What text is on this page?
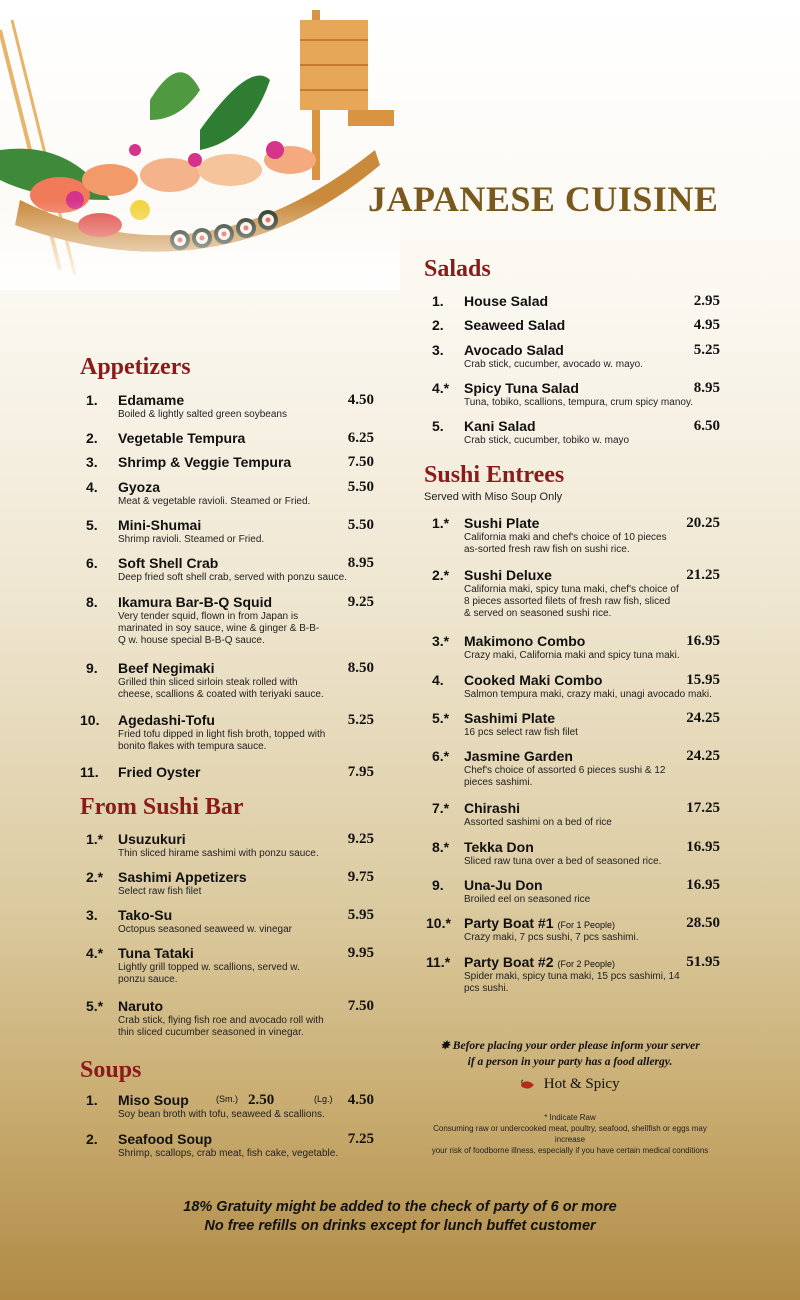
JAPANESE CUISINE
Appetizers
1. Edamame	4.50
Boiled & lightly salted green soybeans
2. Vegetable Tempura	6.25
3. Shrimp & Veggie Tempura	7.50
4. Gyoza	5.50
Meat & vegetable ravioli. Steamed or Fried.
5. Mini-Shumai	5.50
Shrimp ravioli. Steamed or Fried.
6. Soft Shell Crab	8.95
Deep fried soft shell crab, served with ponzu sauce.
8. Ikamura Bar-B-Q Squid	9.25
Very tender squid, flown in from Japan is marinated in soy sauce, wine & ginger & B-B-Q w. house special B-B-Q sauce.
9. Beef Negimaki	8.50
Grilled thin sliced sirloin steak rolled with cheese, scallions & coated with teriyaki sauce.
10. Agedashi-Tofu	5.25
Fried tofu dipped in light fish broth, topped with bonito flakes with tempura sauce.
11. Fried Oyster	7.95
From Sushi Bar
1.* Usuzukuri	9.25
Thin sliced hirame sashimi with ponzu sauce.
2.* Sashimi Appetizers	9.75
Select raw fish filet
3. Tako-Su	5.95
Octopus seasoned seaweed w. vinegar
4.* Tuna Tataki	9.95
Lightly grill topped w. scallions, served w. ponzu sauce.
5.* Naruto	7.50
Crab stick, flying fish roe and avocado roll with thin sliced cucumber seasoned in vinegar.
Soups
1. Miso Soup	(Sm.) 2.50	(Lg.)	4.50
Soy bean broth with tofu, seaweed & scallions.
2. Seafood Soup	7.25
Shrimp, scallops, crab meat, fish cake, vegetable.
Salads
1. House Salad	2.95
2. Seaweed Salad	4.95
3. Avocado Salad	5.25
Crab stick, cucumber, avocado w. mayo.
4.* Spicy Tuna Salad	8.95
Tuna, tobiko, scallions, tempura, crum spicy manoy.
5. Kani Salad	6.50
Crab stick, cucumber, tobiko w. mayo
Sushi Entrees
Served with Miso Soup Only
1.* Sushi Plate	20.25
California maki and chef's choice of 10 pieces as-sorted fresh raw fish on sushi rice.
2.* Sushi Deluxe	21.25
California maki, spicy tuna maki, chef's choice of 8 pieces assorted filets of fresh raw fish, sliced & served on seasoned sushi rice.
3.* Makimono Combo	16.95
Crazy maki, California maki and spicy tuna maki.
4. Cooked Maki Combo	15.95
Salmon tempura maki, crazy maki, unagi avocado maki.
5.* Sashimi Plate	24.25
16 pcs select raw fish filet
6.* Jasmine Garden	24.25
Chef's choice of assorted 6 pieces sushi & 12 pieces sashimi.
7.* Chirashi	17.25
Assorted sashimi on a bed of rice
8.* Tekka Don	16.95
Sliced raw tuna over a bed of seasoned rice.
9. Una-Ju Don	16.95
Broiled eel on seasoned rice
10.* Party Boat #1 (For 1 People)	28.50
Crazy maki, 7 pcs sushi, 7 pcs sashimi.
11.* Party Boat #2 (For 2 People)	51.95
Spider maki, spicy tuna maki, 15 pcs sashimi, 14 pcs sushi.
✸ Before placing your order please inform your server
if a person in your party has a food allergy.
Hot & Spicy
* Indicate Raw
Consuming raw or undercooked meat, poultry, seafood, shellfish or eggs may increase
your risk of foodborne illness, especially if you have certain medical conditions
18% Gratuity might be added to the check of party of 6 or more
No free refills on drinks except for lunch buffet customer
